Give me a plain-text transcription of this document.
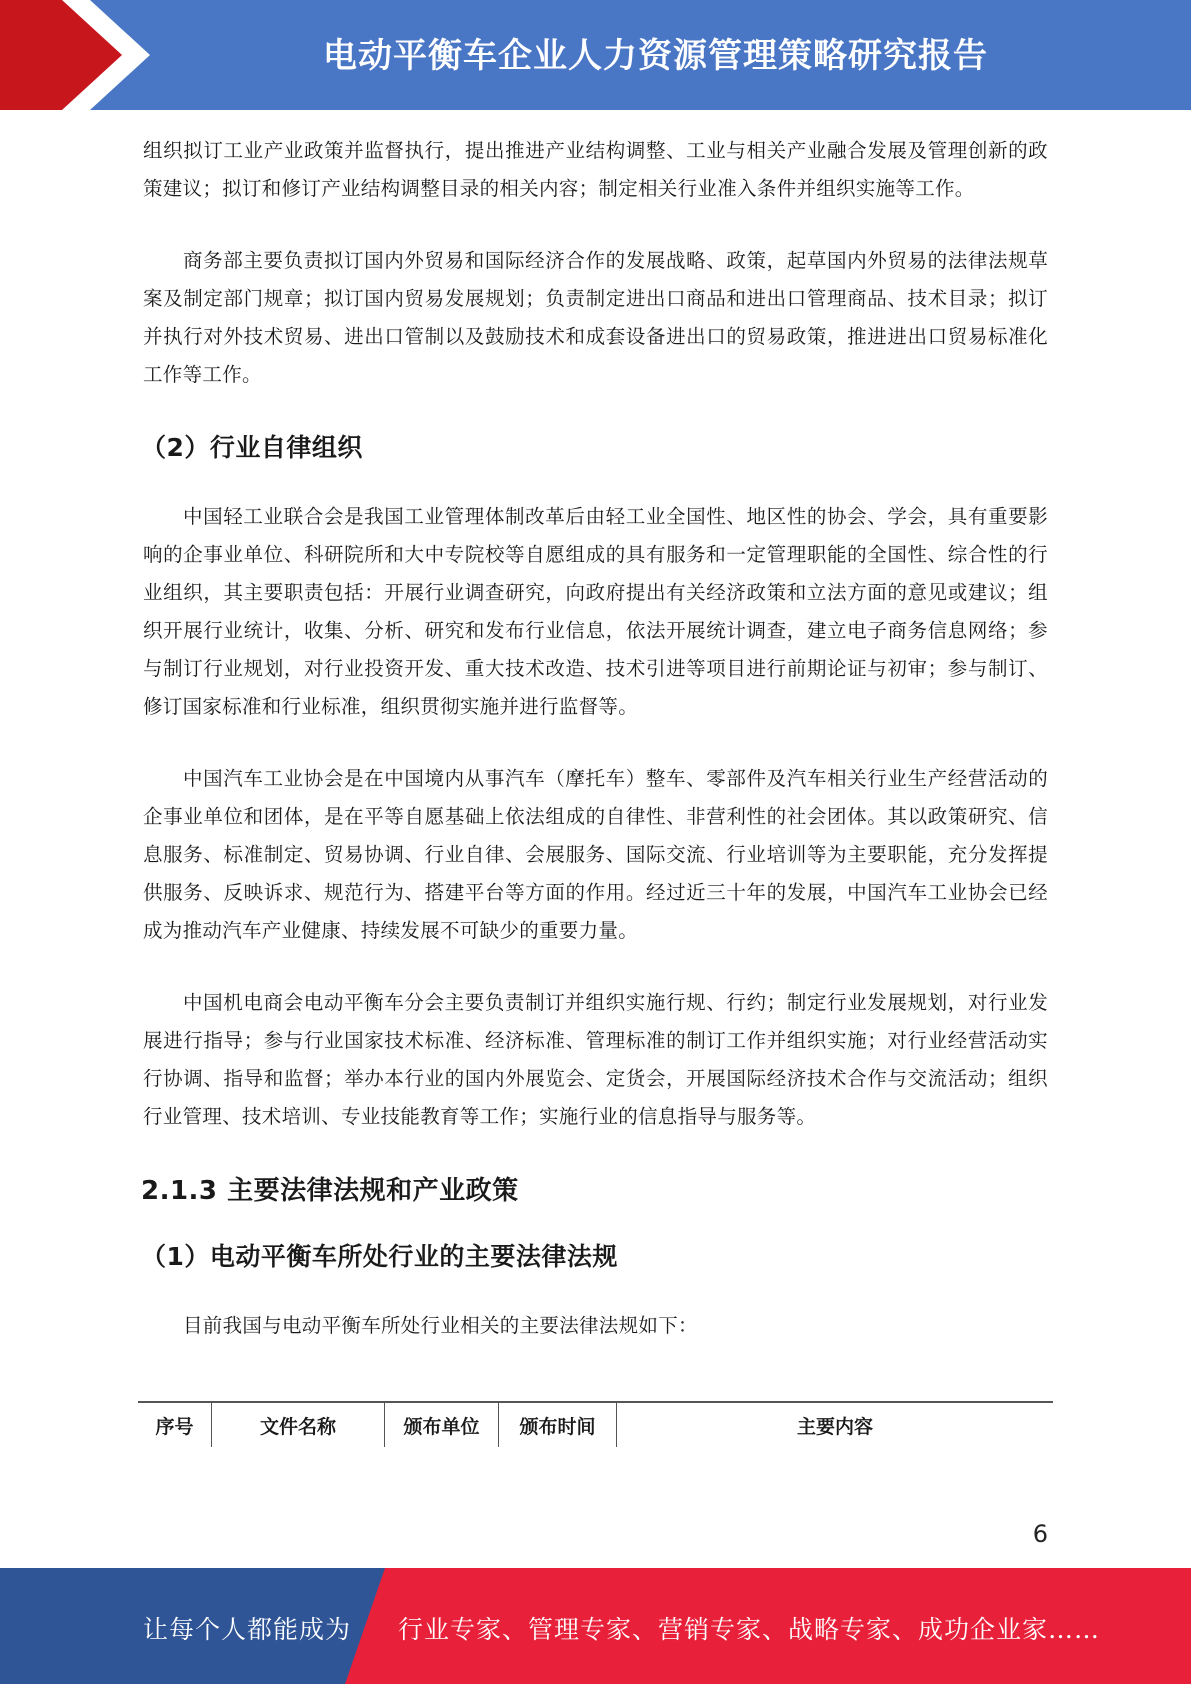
电动平衡车企业人力资源管理策略研究报告

组织拟订工业产业政策并监督执行，提出推进产业结构调整、工业与相关产业融合发展及管理创新的政策建议；拟订和修订产业结构调整目录的相关内容；制定相关行业准入条件并组织实施等工作。

商务部主要负责拟订国内外贸易和国际经济合作的发展战略、政策，起草国内外贸易的法律法规草案及制定部门规章；拟订国内贸易发展规划；负责制定进出口商品和进出口管理商品、技术目录；拟订并执行对外技术贸易、进出口管制以及鼓励技术和成套设备进出口的贸易政策，推进进出口贸易标准化工作等工作。

（2）行业自律组织

中国轻工业联合会是我国工业管理体制改革后由轻工业全国性、地区性的协会、学会，具有重要影响的企事业单位、科研院所和大中专院校等自愿组成的具有服务和一定管理职能的全国性、综合性的行业组织，其主要职责包括：开展行业调查研究，向政府提出有关经济政策和立法方面的意见或建议；组织开展行业统计，收集、分析、研究和发布行业信息，依法开展统计调查，建立电子商务信息网络；参与制订行业规划，对行业投资开发、重大技术改造、技术引进等项目进行前期论证与初审；参与制订、修订国家标准和行业标准，组织贯彻实施并进行监督等。

中国汽车工业协会是在中国境内从事汽车（摩托车）整车、零部件及汽车相关行业生产经营活动的企事业单位和团体，是在平等自愿基础上依法组成的自律性、非营利性的社会团体。其以政策研究、信息服务、标准制定、贸易协调、行业自律、会展服务、国际交流、行业培训等为主要职能，充分发挥提供服务、反映诉求、规范行为、搭建平台等方面的作用。经过近三十年的发展，中国汽车工业协会已经成为推动汽车产业健康、持续发展不可缺少的重要力量。

中国机电商会电动平衡车分会主要负责制订并组织实施行规、行约；制定行业发展规划，对行业发展进行指导；参与行业国家技术标准、经济标准、管理标准的制订工作并组织实施；对行业经营活动实行协调、指导和监督；举办本行业的国内外展览会、定货会，开展国际经济技术合作与交流活动；组织行业管理、技术培训、专业技能教育等工作；实施行业的信息指导与服务等。

2.1.3 主要法律法规和产业政策
（1）电动平衡车所处行业的主要法律法规

目前我国与电动平衡车所处行业相关的主要法律法规如下：

序号	文件名称	颁布单位	颁布时间	主要内容
6
让每个人都能成为 行业专家、管理专家、营销专家、战略专家、成功企业家……
